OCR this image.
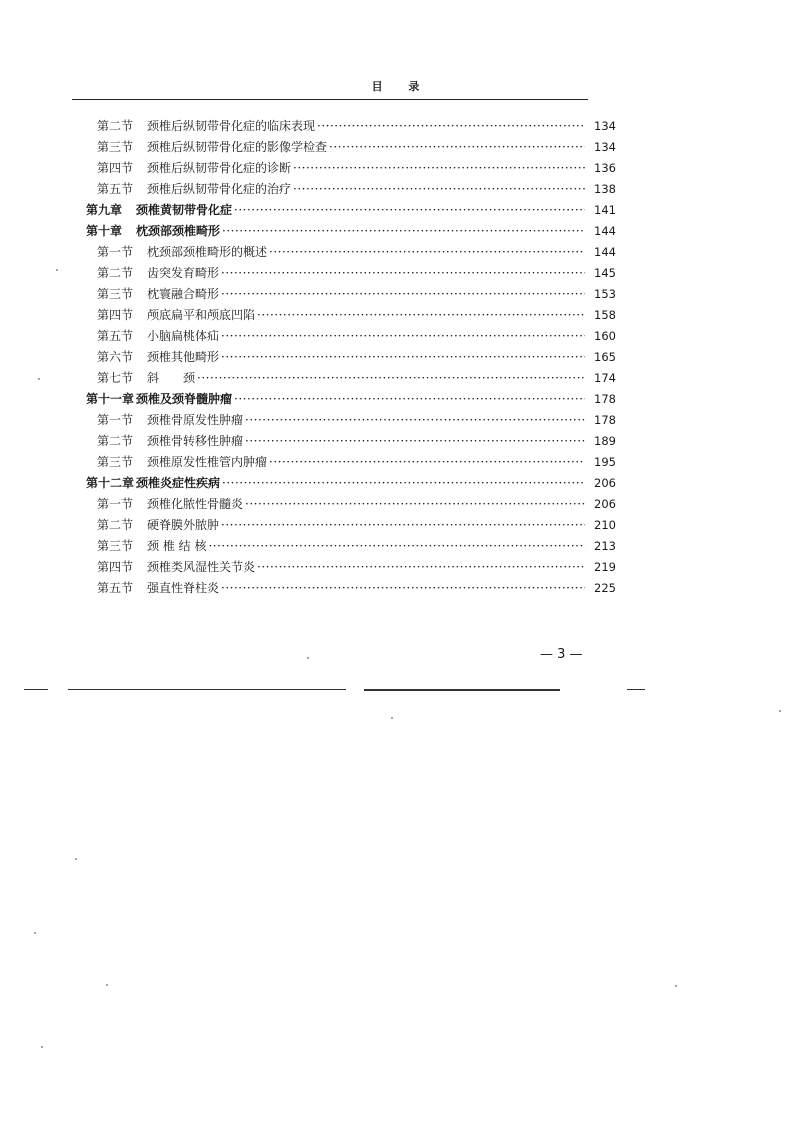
目 录
第二节	颈椎后纵韧带骨化症的临床表现 ·····	134
第三节	颈椎后纵韧带骨化症的影像学检查 ·····	134
第四节	颈椎后纵韧带骨化症的诊断 ·····	136
第五节	颈椎后纵韧带骨化症的治疗 ·····	138
第九章	颈椎黄韧带骨化症 ·····	141
第十章	枕颈部颈椎畸形 ·····	144
第一节	枕颈部颈椎畸形的概述 ·····	144
第二节	齿突发育畸形 ·····	145
第三节	枕寰融合畸形 ·····	153
第四节	颅底扁平和颅底凹陷 ·····	158
第五节	小脑扁桃体疝 ·····	160
第六节	颈椎其他畸形 ·····	165
第七节	斜　　颈 ·····	174
第十一章 颈椎及颈脊髓肿瘤 ·····	178
第一节	颈椎骨原发性肿瘤 ·····	178
第二节	颈椎骨转移性肿瘤 ·····	189
第三节	颈椎原发性椎管内肿瘤 ·····	195
第十二章 颈椎炎症性疾病 ·····	206
第一节	颈椎化脓性骨髓炎 ·····	206
第二节	硬脊膜外脓肿 ·····	210
第三节	颈 椎 结 核 ·····	213
第四节	颈椎类风湿性关节炎 ·····	219
第五节	强直性脊柱炎 ·····	225
— 3 —
